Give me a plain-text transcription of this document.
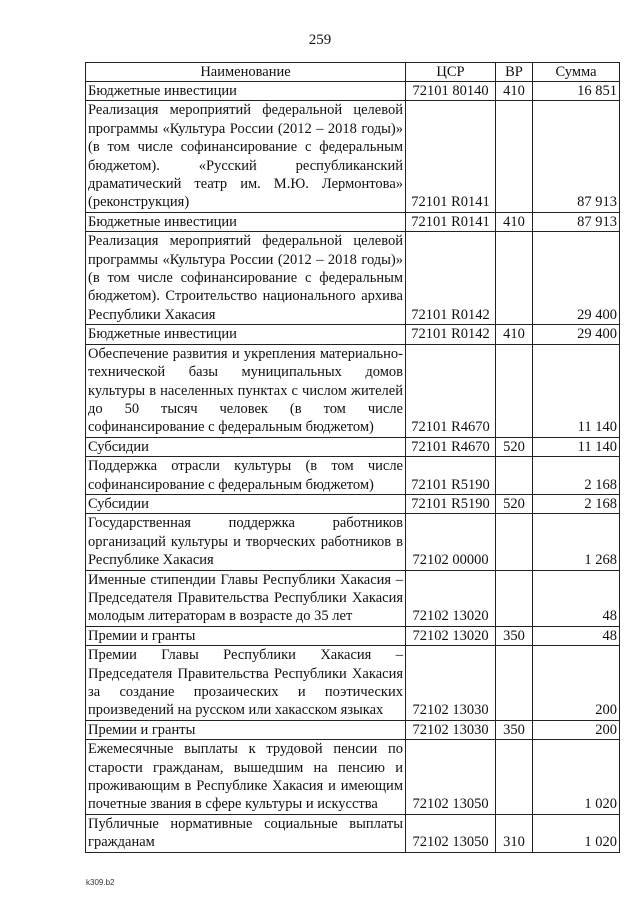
259
Наименование	ЦСР	ВР	Сумма
Бюджетные инвестиции	72101 80140	410	16 851
Реализация мероприятий федеральной целевой программы «Культура России (2012 – 2018 годы)» (в том числе софинансирование с федеральным бюджетом). «Русский республиканский драматический театр им. М.Ю. Лермонтова» (реконструкция)	72101 R0141		87 913
Бюджетные инвестиции	72101 R0141	410	87 913
Реализация мероприятий федеральной целевой программы «Культура России (2012 – 2018 годы)» (в том числе софинансирование с федеральным бюджетом). Строительство национального архива Республики Хакасия	72101 R0142		29 400
Бюджетные инвестиции	72101 R0142	410	29 400
Обеспечение развития и укрепления материально-технической базы муниципальных домов культуры в населенных пунктах с числом жителей до 50 тысяч человек (в том числе софинансирование с федеральным бюджетом)	72101 R4670		11 140
Субсидии	72101 R4670	520	11 140
Поддержка отрасли культуры (в том числе софинансирование с федеральным бюджетом)	72101 R5190		2 168
Субсидии	72101 R5190	520	2 168
Государственная поддержка работников организаций культуры и творческих работников в Республике Хакасия	72102 00000		1 268
Именные стипендии Главы Республики Хакасия – Председателя Правительства Республики Хакасия молодым литераторам в возрасте до 35 лет	72102 13020		48
Премии и гранты	72102 13020	350	48
Премии Главы Республики Хакасия – Председателя Правительства Республики Хакасия за создание прозаических и поэтических произведений на русском или хакасском языках	72102 13030		200
Премии и гранты	72102 13030	350	200
Ежемесячные выплаты к трудовой пенсии по старости гражданам, вышедшим на пенсию и проживающим в Республике Хакасия и имеющим почетные звания в сфере культуры и искусства	72102 13050		1 020
Публичные нормативные социальные выплаты гражданам	72102 13050	310	1 020
k309.b2
